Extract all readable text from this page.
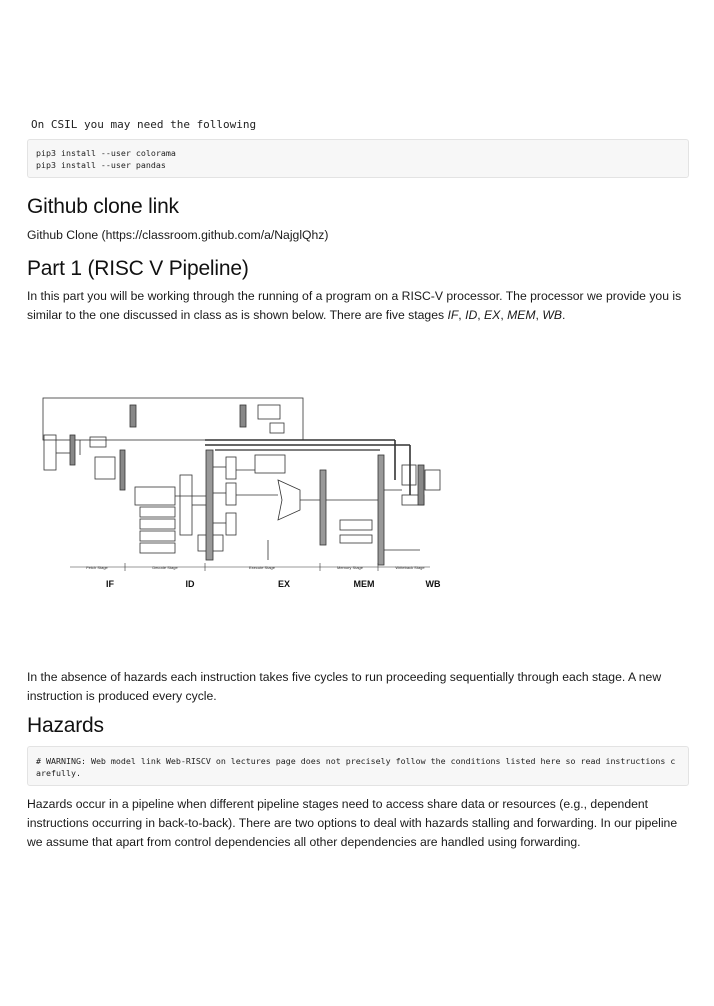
On CSIL you may need the following
pip3 install --user colorama
pip3 install --user pandas
Github clone link

Github Clone (https://classroom.github.com/a/NajglQhz)

Part 1 (RISC V Pipeline)

In this part you will be working through the running of a program on a RISC-V processor. The processor we provide you is similar to the one discussed in class as is shown below. There are five stages IF, ID, EX, MEM, WB.

Fetch Stage	Decode Stage	Execute Stage	Memory Stage	Writeback Stage
IF	ID	EX	MEM	WB

In the absence of hazards each instruction takes five cycles to run proceeding sequentially through each stage. A new instruction is produced every cycle.

Hazards
# WARNING: Web model link Web-RISCV on lectures page does not precisely follow the conditions listed here so read instructions carefully.

Hazards occur in a pipeline when different pipeline stages need to access share data or resources (e.g., dependent instructions occurring in back-to-back). There are two options to deal with hazards stalling and forwarding. In our pipeline we assume that apart from control dependencies all other dependencies are handled using forwarding.
